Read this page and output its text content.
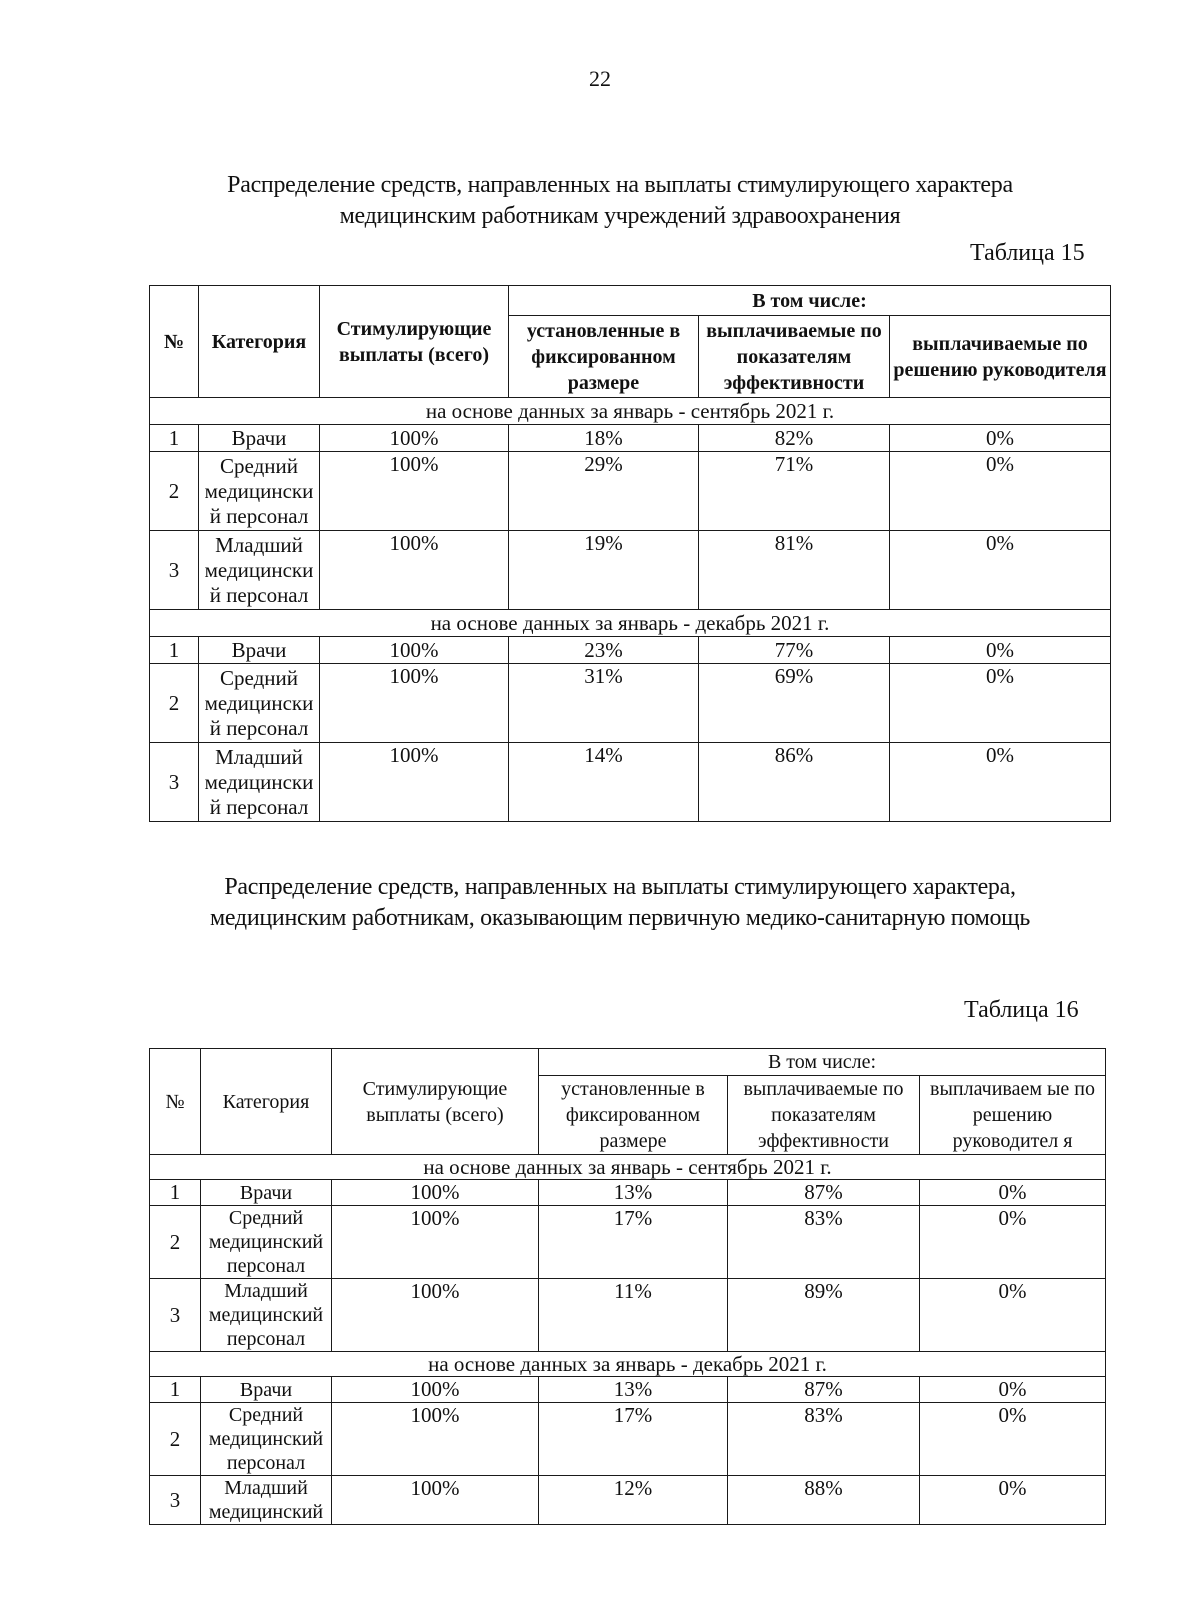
22
Распределение средств, направленных на выплаты стимулирующего характера
медицинским работникам учреждений здравоохранения
Таблица 15
№	Категория	Стимулирующие выплаты (всего)	В том числе:		
			установленные в фиксированном размере	выплачиваемые по показателям эффективности	выплачиваемые по решению руководителя
на основе данных за январь - сентябрь 2021 г.					
1	Врачи	100%	18%	82%	0%
2	Средний медицински й персонал	100%	29%	71%	0%
3	Младший медицински й персонал	100%	19%	81%	0%
на основе данных за январь - декабрь 2021 г.					
1	Врачи	100%	23%	77%	0%
2	Средний медицински й персонал	100%	31%	69%	0%
3	Младший медицински й персонал	100%	14%	86%	0%
Распределение средств, направленных на выплаты стимулирующего характера,
медицинским работникам, оказывающим первичную медико-санитарную помощь
Таблица 16
№	Категория	Стимулирующие выплаты (всего)	В том числе:		
			установленные в фиксированном размере	выплачиваемые по показателям эффективности	выплачиваем ые по решению руководител я
на основе данных за январь - сентябрь 2021 г.					
1	Врачи	100%	13%	87%	0%
2	Средний медицинский персонал	100%	17%	83%	0%
3	Младший медицинский персонал	100%	11%	89%	0%
на основе данных за январь - декабрь 2021 г.					
1	Врачи	100%	13%	87%	0%
2	Средний медицинский персонал	100%	17%	83%	0%
3	Младший медицинский	100%	12%	88%	0%
